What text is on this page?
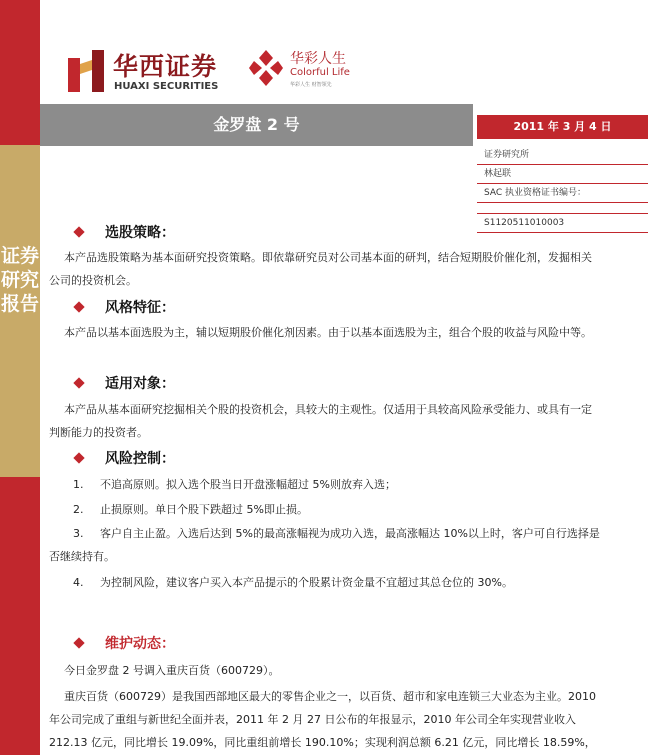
证券研究报告
华西证券
HUAXI SECURITIES
华彩人生
Colorful Life
华彩人生 财智领先
金罗盘 2 号	2011 年 3 月 4 日
证券研究所
林起联
SAC 执业资格证书编号：
S1120511010003
选股策略：
本产品选股策略为基本面研究投资策略。即依靠研究员对公司基本面的研判，结合短期股价催化剂，发掘相关公司的投资机会。
风格特征：
本产品以基本面选股为主，辅以短期股价催化剂因素。由于以基本面选股为主，组合个股的收益与风险中等。
适用对象：
本产品从基本面研究挖掘相关个股的投资机会，具较大的主观性。仅适用于具较高风险承受能力、或具有一定判断能力的投资者。
风险控制：
1. 不追高原则。拟入选个股当日开盘涨幅超过 5%则放弃入选；
2. 止损原则。单日个股下跌超过 5%即止损。
3. 客户自主止盈。入选后达到 5%的最高涨幅视为成功入选，最高涨幅达 10%以上时，客户可自行选择是否继续持有。
4. 为控制风险，建议客户买入本产品提示的个股累计资金量不宜超过其总仓位的 30%。
维护动态：
今日金罗盘 2 号调入重庆百货（600729）。
重庆百货（600729）是我国西部地区最大的零售企业之一，以百货、超市和家电连锁三大业态为主业。2010 年公司完成了重组与新世纪全面并表，2011 年 2 月 27 日公布的年报显示，2010 年公司全年实现营业收入 212.13 亿元，同比增长 19.09%，同比重组前增长 190.10%；实现利润总额 6.21 亿元，同比增长 18.59%，
